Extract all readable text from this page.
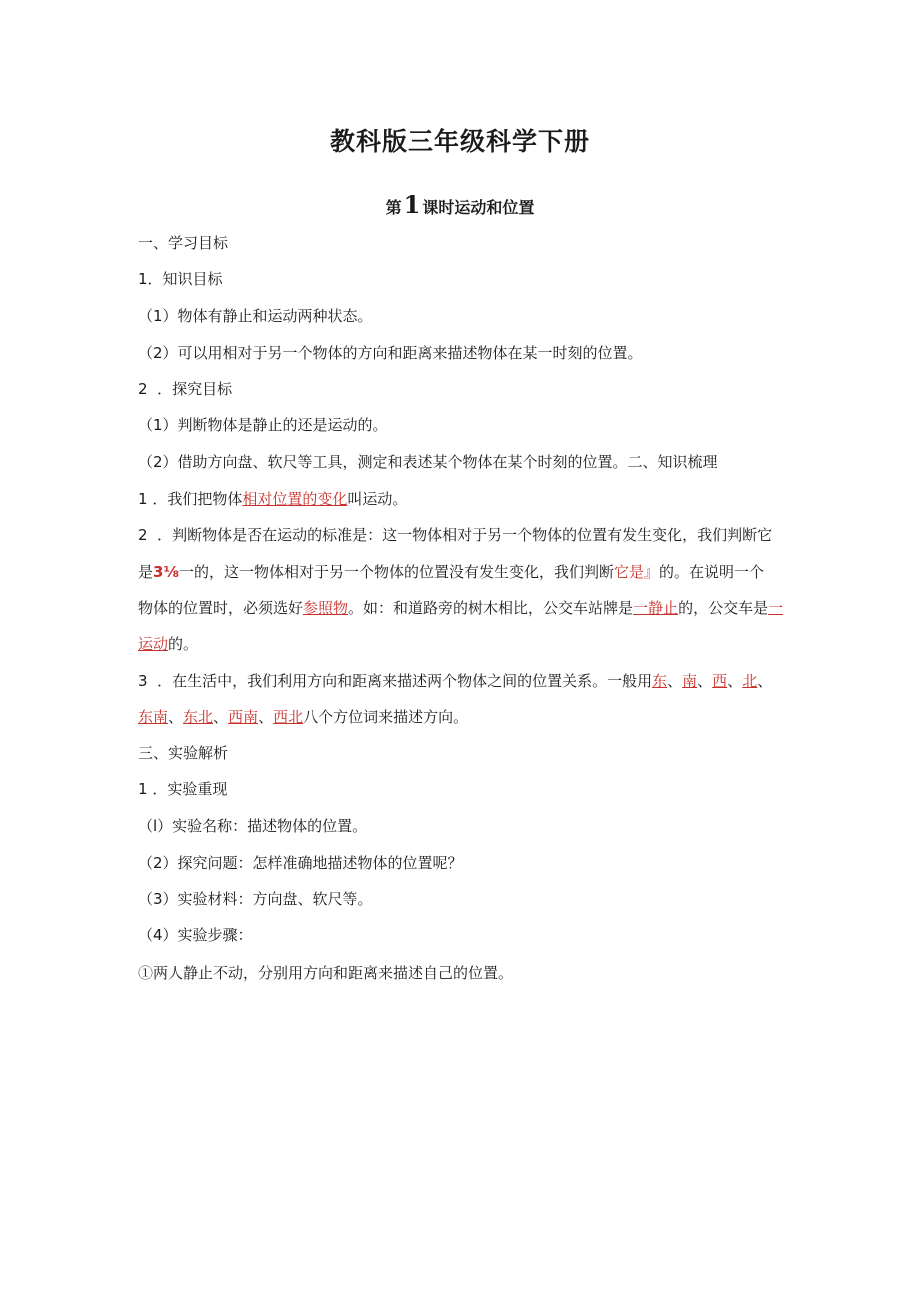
教科版三年级科学下册
第1 课时运动和位置
一、学习目标
1．知识目标
（1）物体有静止和运动两种状态。
（2）可以用相对于另一个物体的方向和距离来描述物体在某一时刻的位置。
2 ．探究目标
（1）判断物体是静止的还是运动的。
（2）借助方向盘、软尺等工具，测定和表述某个物体在某个时刻的位置。二、知识梳理
1 ．我们把物体相对位置的变化叫运动。
2 ．判断物体是否在运动的标准是：这一物体相对于另一个物体的位置有发生变化，我们判断它
是3⅛一的，这一物体相对于另一个物体的位置没有发生变化，我们判断它是』的。在说明一个
物体的位置时，必须选好参照物。如：和道路旁的树木相比，公交车站牌是一静止的，公交车是一
运动的。
3 ．在生活中，我们利用方向和距离来描述两个物体之间的位置关系。一般用东、南、西、北、
东南、东北、西南、西北八个方位词来描述方向。
三、实验解析
1 ．实验重现
（l）实验名称：描述物体的位置。
（2）探究问题：怎样准确地描述物体的位置呢？
（3）实验材料：方向盘、软尺等。
（4）实验步骤：
①两人静止不动，分别用方向和距离来描述自己的位置。
